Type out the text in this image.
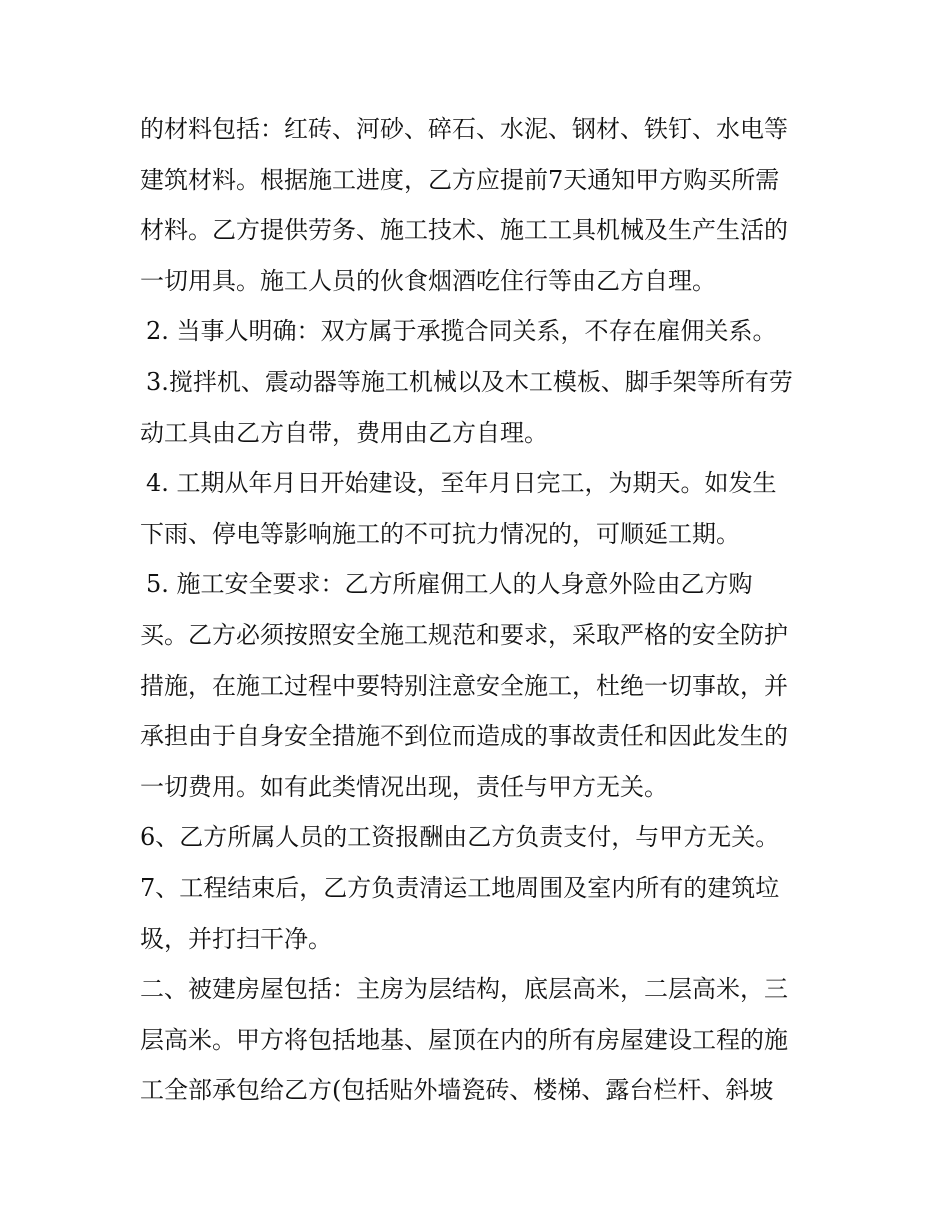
的材料包括：红砖、河砂、碎石、水泥、钢材、铁钉、水电等
建筑材料。根据施工进度，乙方应提前7天通知甲方购买所需
材料。乙方提供劳务、施工技术、施工工具机械及生产生活的
一切用具。施工人员的伙食烟酒吃住行等由乙方自理。
2. 当事人明确：双方属于承揽合同关系，不存在雇佣关系。
3.搅拌机、震动器等施工机械以及木工模板、脚手架等所有劳
动工具由乙方自带，费用由乙方自理。
4. 工期从年月日开始建设，至年月日完工，为期天。如发生
下雨、停电等影响施工的不可抗力情况的，可顺延工期。
5. 施工安全要求：乙方所雇佣工人的人身意外险由乙方购
买。乙方必须按照安全施工规范和要求，采取严格的安全防护
措施，在施工过程中要特别注意安全施工，杜绝一切事故，并
承担由于自身安全措施不到位而造成的事故责任和因此发生的
一切费用。如有此类情况出现，责任与甲方无关。
6、乙方所属人员的工资报酬由乙方负责支付，与甲方无关。
7、工程结束后，乙方负责清运工地周围及室内所有的建筑垃
圾，并打扫干净。
二、被建房屋包括：主房为层结构，底层高米，二层高米，三
层高米。甲方将包括地基、屋顶在内的所有房屋建设工程的施
工全部承包给乙方(包括贴外墙瓷砖、楼梯、露台栏杆、斜坡
